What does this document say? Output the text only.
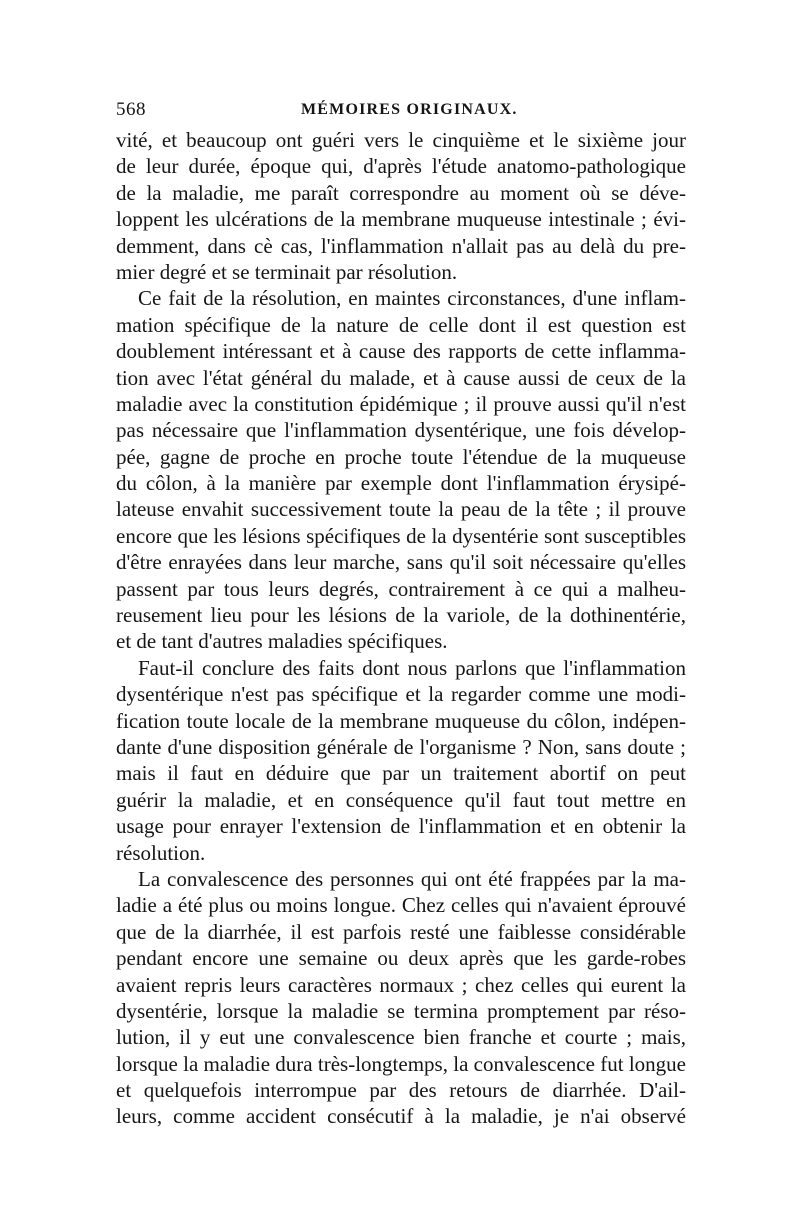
568	MÉMOIRES ORIGINAUX.
vité, et beaucoup ont guéri vers le cinquième et le sixième jour
de leur durée, époque qui, d'après l'étude anatomo-pathologique
de la maladie, me paraît correspondre au moment où se déve-
loppent les ulcérations de la membrane muqueuse intestinale ; évi-
demment, dans cè cas, l'inflammation n'allait pas au delà du pre-
mier degré et se terminait par résolution.
Ce fait de la résolution, en maintes circonstances, d'une inflam-
mation spécifique de la nature de celle dont il est question est
doublement intéressant et à cause des rapports de cette inflamma-
tion avec l'état général du malade, et à cause aussi de ceux de la
maladie avec la constitution épidémique ; il prouve aussi qu'il n'est
pas nécessaire que l'inflammation dysentérique, une fois dévelop-
pée, gagne de proche en proche toute l'étendue de la muqueuse
du côlon, à la manière par exemple dont l'inflammation érysipé-
lateuse envahit successivement toute la peau de la tête ; il prouve
encore que les lésions spécifiques de la dysentérie sont susceptibles
d'être enrayées dans leur marche, sans qu'il soit nécessaire qu'elles
passent par tous leurs degrés, contrairement à ce qui a malheu-
reusement lieu pour les lésions de la variole, de la dothinentérie,
et de tant d'autres maladies spécifiques.
Faut-il conclure des faits dont nous parlons que l'inflammation
dysentérique n'est pas spécifique et la regarder comme une modi-
fication toute locale de la membrane muqueuse du côlon, indépen-
dante d'une disposition générale de l'organisme ? Non, sans doute ;
mais il faut en déduire que par un traitement abortif on peut
guérir la maladie, et en conséquence qu'il faut tout mettre en
usage pour enrayer l'extension de l'inflammation et en obtenir la
résolution.
La convalescence des personnes qui ont été frappées par la ma-
ladie a été plus ou moins longue. Chez celles qui n'avaient éprouvé
que de la diarrhée, il est parfois resté une faiblesse considérable
pendant encore une semaine ou deux après que les garde-robes
avaient repris leurs caractères normaux ; chez celles qui eurent la
dysentérie, lorsque la maladie se termina promptement par réso-
lution, il y eut une convalescence bien franche et courte ; mais,
lorsque la maladie dura très-longtemps, la convalescence fut longue
et quelquefois interrompue par des retours de diarrhée. D'ail-
leurs, comme accident consécutif à la maladie, je n'ai observé
